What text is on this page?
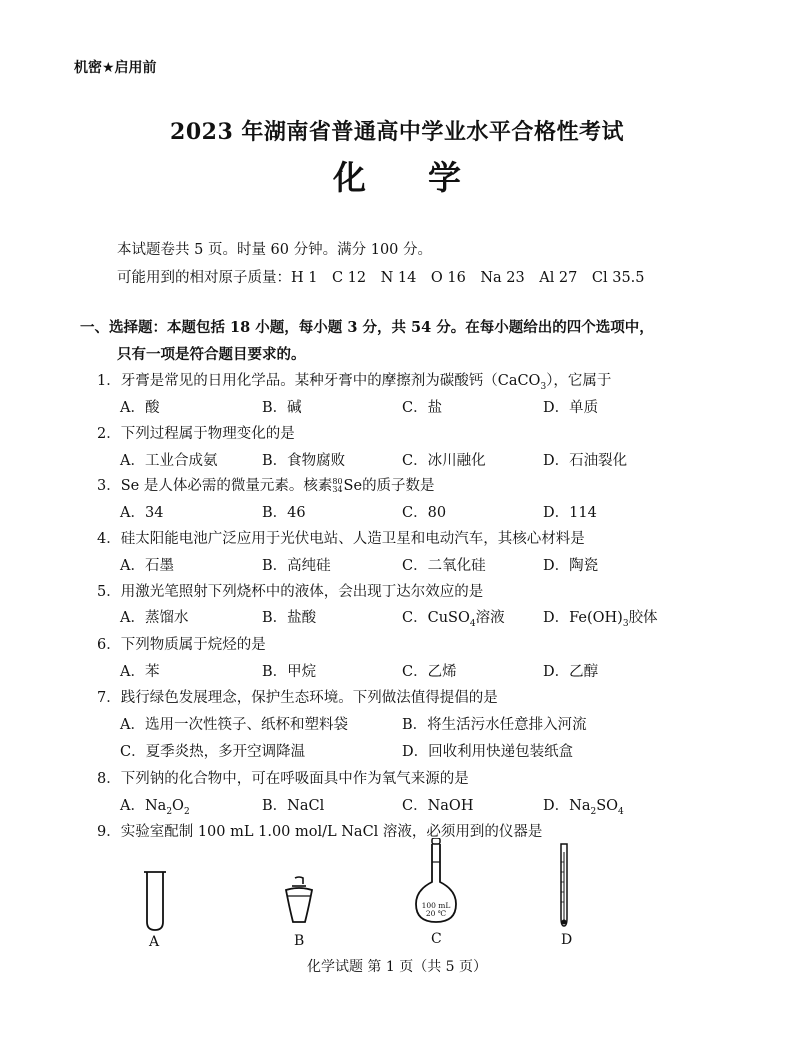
机密★启用前
2023 年湖南省普通高中学业水平合格性考试
化 学
本试题卷共 5 页。时量 60 分钟。满分 100 分。
可能用到的相对原子质量：H 1　C 12　N 14　O 16　Na 23　Al 27　Cl 35.5
一、选择题：本题包括 18 小题，每小题 3 分，共 54 分。在每小题给出的四个选项中，
只有一项是符合题目要求的。
1．牙膏是常见的日用化学品。某种牙膏中的摩擦剂为碳酸钙（CaCO$_3$），它属于
A．酸	B．碱	C．盐	D．单质
2．下列过程属于物理变化的是
A．工业合成氨	B．食物腐败	C．冰川融化	D．石油裂化
3．Se 是人体必需的微量元素。核素 80
34 Se的质子数是
A．34	B．46	C．80	D．114
4．硅太阳能电池广泛应用于光伏电站、人造卫星和电动汽车，其核心材料是
A．石墨	B．高纯硅	C．二氧化硅	D．陶瓷
5．用激光笔照射下列烧杯中的液体，会出现丁达尔效应的是
A．蒸馏水	B．盐酸	C．CuSO$_4$溶液	D．$Fe(OH)_3$胶体
6．下列物质属于烷烃的是
A．苯	B．甲烷	C．乙烯	D．乙醇
7．践行绿色发展理念，保护生态环境。下列做法值得提倡的是
A．选用一次性筷子、纸杯和塑料袋	B．将生活污水任意排入河流
C．夏季炎热，多开空调降温	D．回收利用快递包装纸盒
8．下列钠的化合物中，可在呼吸面具中作为氧气来源的是
A．$Na_2O_2$	B．NaCl	C．NaOH	D．$Na_2SO_4$
9．实验室配制 100 mL 1.00 mol/L NaCl 溶液，必须用到的仪器是
A	B
100 mL
20 ℃
C	D
化学试题 第 1 页（共 5 页）
